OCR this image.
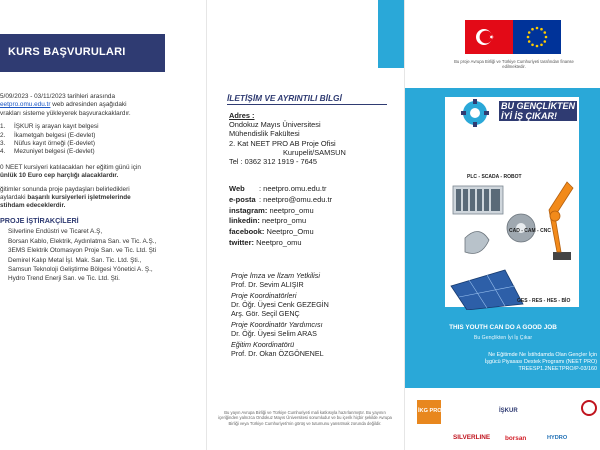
KURS BAŞVURULARI

5/09/2023 - 03/11/2023 tarihleri arasında
eetpro.omu.edu.tr web adresinden aşağıdaki
vrakları sisteme yükleyerek başvurackaklardır.

1.	İŞKUR iş arayan kayıt belgesi
2.	İkametgah belgesi (E-devlet)
3.	Nüfus kayıt örneği (E-devlet)
4.	Mezuniyet belgesi (E-devlet)

0 NEET kursiyeri katılacakları her eğitim günü için
ünlük 10 Euro cep harçlığı alacaklardır.

ğitimler sonunda proje paydaşları belirledikleri
aylardaki başarılı kursiyerleri işletmelerinde
stihdam edeceklerdir.

PROJE İŞTİRAKÇİLERİ
Silverline Endüstri ve Ticaret A.Ş,
Borsan Kablo, Elektrik, Aydınlatma San. ve Tic. A.Ş.,
3EMS Elektrik Otomasyon Proje San. ve Tic. Ltd. Şti
Demirel Kalıp Metal İşl. Mak. San. Tic. Ltd. Şti.,
Samsun Teknoloji Geliştirme Bölgesi Yönetici A. Ş.,
Hydro Trend Enerji San. ve Tic. Ltd. Şti.
İLETİŞİM VE AYRINTILI BİLGİ
Adres :
Ondokuz Mayıs Üniversitesi
Mühendislik Fakültesi
2. Kat NEET PRO AB Proje Ofisi
Kurupelit/SAMSUN
Tel : 0362 312 1919 - 7645
Web : neetpro.omu.edu.tr
e-posta : neetpro@omu.edu.tr
instagram: neetpro_omu
linkedin: neetpro_omu
facebook: Neetpro_Omu
twitter: Neetpro_omu
Proje İmza ve İlzam Yetkilisi
Prof. Dr. Sevim ALIŞIR
Proje Koordinatörleri
Dr. Öğr. Üyesi Cenk GEZEGİN
Arş. Gör. Seçil GENÇ
Proje Koordinatör Yardımcısı
Dr. Öğr. Üyesi Selim ARAS
Eğitim Koordinatörü
Prof. Dr. Okan ÖZGÖNENEL
Bu yayın Avrupa Birliği ve Türkiye Cumhuriyeti mali katkısıyla hazırlanmıştır. Bu yayının içeriğinden yalnızca Ondokuz Mayıs Üniversitesi sorumludur ve bu içerik hiçbir şekilde Avrupa Birliği veya Türkiye Cumhuriyeti'nin görüş ve tutumunu yansıtmak zorunda değildir.
Bu proje Avrupa Birliği ve Türkiye Cumhuriyeti tarafından finanse edilmektedir.
BU GENÇLİKTEN
İYİ İŞ ÇIKAR!
PLC - SCADA - ROBOT
CAD - CAM - CNC
GES - RES - HES - BİO
THIS YOUTH CAN DO A GOOD JOB
Bu Gençlikten İyi İş Çıkar
Ne Eğitimde Ne İstihdamda Olan Gençler İçin
İşgücü Piyasası Destek Programı (NEET PRO)
TREESP1.2NEETPRO/P-03/160
İKG PRO	İŞKUR
SILVERLINE borsan	HYDRO
